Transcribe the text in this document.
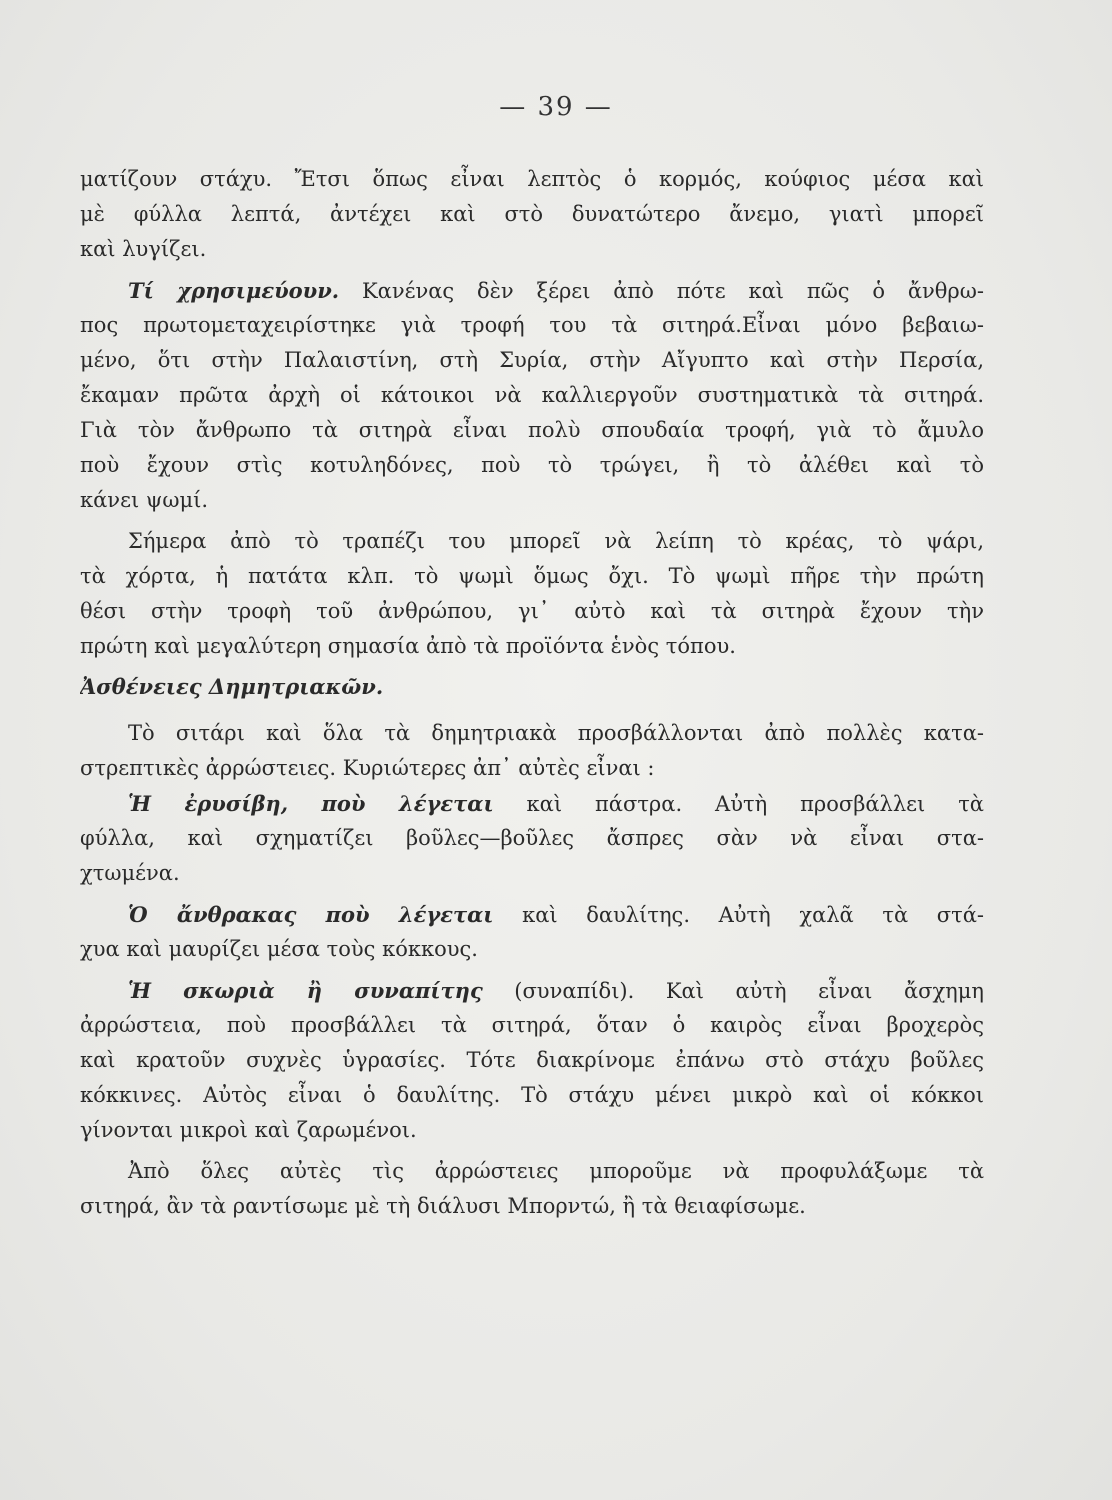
— 39 —
ματίζουν στάχυ. Ἔτσι ὅπως εἶναι λεπτὸς ὁ κορμός, κούφιος μέσα καὶ
μὲ φύλλα λεπτά, ἀντέχει καὶ στὸ δυνατώτερο ἄνεμο, γιατὶ μπορεῖ
καὶ λυγίζει.
Τί χρησιμεύουν. Κανένας δὲν ξέρει ἀπὸ πότε καὶ πῶς ὁ ἄνθρω-
πος πρωτομεταχειρίστηκε γιὰ τροφή του τὰ σιτηρά.Εἶναι μόνο βεβαιω-
μένο, ὅτι στὴν Παλαιστίνη, στὴ Συρία, στὴν Αἴγυπτο καὶ στὴν Περσία,
ἔκαμαν πρῶτα ἀρχὴ οἱ κάτοικοι νὰ καλλιεργοῦν συστηματικὰ τὰ σιτηρά.
Γιὰ τὸν ἄνθρωπο τὰ σιτηρὰ εἶναι πολὺ σπουδαία τροφή, γιὰ τὸ ἄμυλο
ποὺ ἔχουν στὶς κοτυληδόνες, ποὺ τὸ τρώγει, ἢ τὸ ἀλέθει καὶ τὸ
κάνει ψωμί.
Σήμερα ἀπὸ τὸ τραπέζι του μπορεῖ νὰ λείπη τὸ κρέας, τὸ ψάρι,
τὰ χόρτα, ἡ πατάτα κλπ. τὸ ψωμὶ ὅμως ὄχι. Τὸ ψωμὶ πῆρε τὴν πρώτη
θέσι στὴν τροφὴ τοῦ ἀνθρώπου, γι᾽ αὐτὸ καὶ τὰ σιτηρὰ ἔχουν τὴν
πρώτη καὶ μεγαλύτερη σημασία ἀπὸ τὰ προϊόντα ἑνὸς τόπου.
Ἀσθένειες Δημητριακῶν.
Τὸ σιτάρι καὶ ὅλα τὰ δημητριακὰ προσβάλλονται ἀπὸ πολλὲς κατα-
στρεπτικὲς ἀρρώστειες. Κυριώτερες ἀπ᾽ αὐτὲς εἶναι :
Ἡ ἐρυσίβη, ποὺ λέγεται καὶ πάστρα. Αὐτὴ προσβάλλει τὰ
φύλλα, καὶ σχηματίζει βοῦλες—βοῦλες ἄσπρες σὰν νὰ εἶναι στα-
χτωμένα.
Ὁ ἄνθρακας ποὺ λέγεται καὶ δαυλίτης. Αὐτὴ χαλᾶ τὰ στά-
χυα καὶ μαυρίζει μέσα τοὺς κόκκους.
Ἡ σκωριὰ ἢ συναπίτης (συναπίδι). Καὶ αὐτὴ εἶναι ἄσχημη
ἀρρώστεια, ποὺ προσβάλλει τὰ σιτηρά, ὅταν ὁ καιρὸς εἶναι βροχερὸς
καὶ κρατοῦν συχνὲς ὑγρασίες. Τότε διακρίνομε ἐπάνω στὸ στάχυ βοῦλες
κόκκινες. Αὐτὸς εἶναι ὁ δαυλίτης. Τὸ στάχυ μένει μικρὸ καὶ οἱ κόκκοι
γίνονται μικροὶ καὶ ζαρωμένοι.
Ἀπὸ ὅλες αὐτὲς τὶς ἀρρώστειες μποροῦμε νὰ προφυλάξωμε τὰ
σιτηρά, ἂν τὰ ραντίσωμε μὲ τὴ διάλυσι Μπορντώ, ἢ τὰ θειαφίσωμε.
